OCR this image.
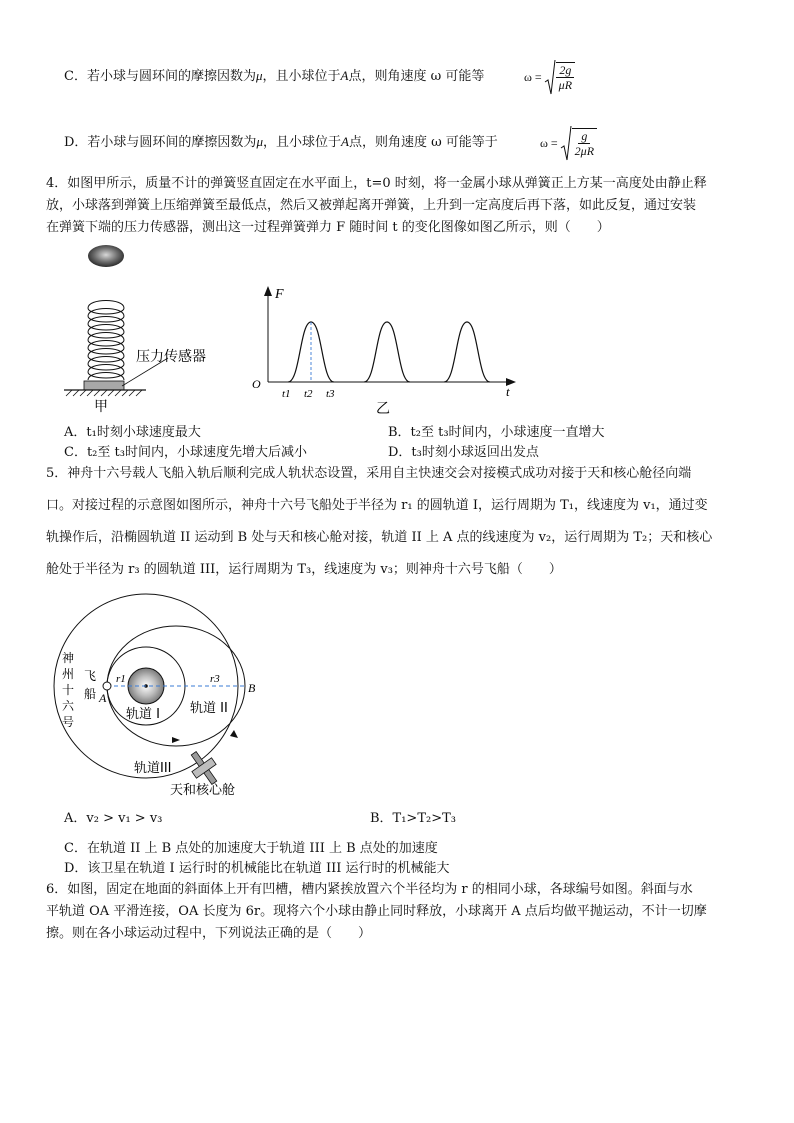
C．若小球与圆环间的摩擦因数为μ，且小球位于A点，则角速度 ω 可能等	$\omega = \frac{2g}{\mu R}$
D．若小球与圆环间的摩擦因数为μ，且小球位于A点，则角速度 ω 可能等于	$\omega = \frac{g}{2\mu R}$
4．如图甲所示，质量不计的弹簧竖直固定在水平面上，t=0 时刻，将一金属小球从弹簧正上方某一高度处由静止释
放，小球落到弹簧上压缩弹簧至最低点，然后又被弹起离开弹簧，上升到一定高度后再下落，如此反复，通过安装
在弹簧下端的压力传感器，测出这一过程弹簧弹力 F 随时间 t 的变化图像如图乙所示，则（　　）
压力传感器
甲
F
t
O
t1 t2 t3
乙
A．t₁时刻小球速度最大	B．t₂至 t₃时间内，小球速度一直增大
C．t₂至 t₃时间内，小球速度先增大后减小	D．t₃时刻小球返回出发点
5．神舟十六号载人飞船入轨后顺利完成人轨状态设置，采用自主快速交会对接模式成功对接于天和核心舱径向端
口。对接过程的示意图如图所示，神舟十六号飞船处于半径为 r₁ 的圆轨道 I，运行周期为 T₁，线速度为 v₁，通过变
轨操作后，沿椭圆轨道 II 运动到 B 处与天和核心舱对接，轨道 II 上 A 点的线速度为 v₂，运行周期为 T₂；天和核心
舱处于半径为 r₃ 的圆轨道 III，运行周期为 T₃，线速度为 v₃；则神舟十六号飞船（　　）
神
州
十
六
号
飞
船 A
B
r1	r3
轨道 I 轨道 II
轨道III
天和核心舱
A．v₂ > v₁ > v₃	B．T₁>T₂>T₃
C．在轨道 II 上 B 点处的加速度大于轨道 III 上 B 点处的加速度
D．该卫星在轨道 I 运行时的机械能比在轨道 III 运行时的机械能大
6．如图，固定在地面的斜面体上开有凹槽，槽内紧挨放置六个半径均为 r 的相同小球，各球编号如图。斜面与水
平轨道 OA 平滑连接，OA 长度为 6r。现将六个小球由静止同时释放，小球离开 A 点后均做平抛运动，不计一切摩
擦。则在各小球运动过程中，下列说法正确的是（　　）
